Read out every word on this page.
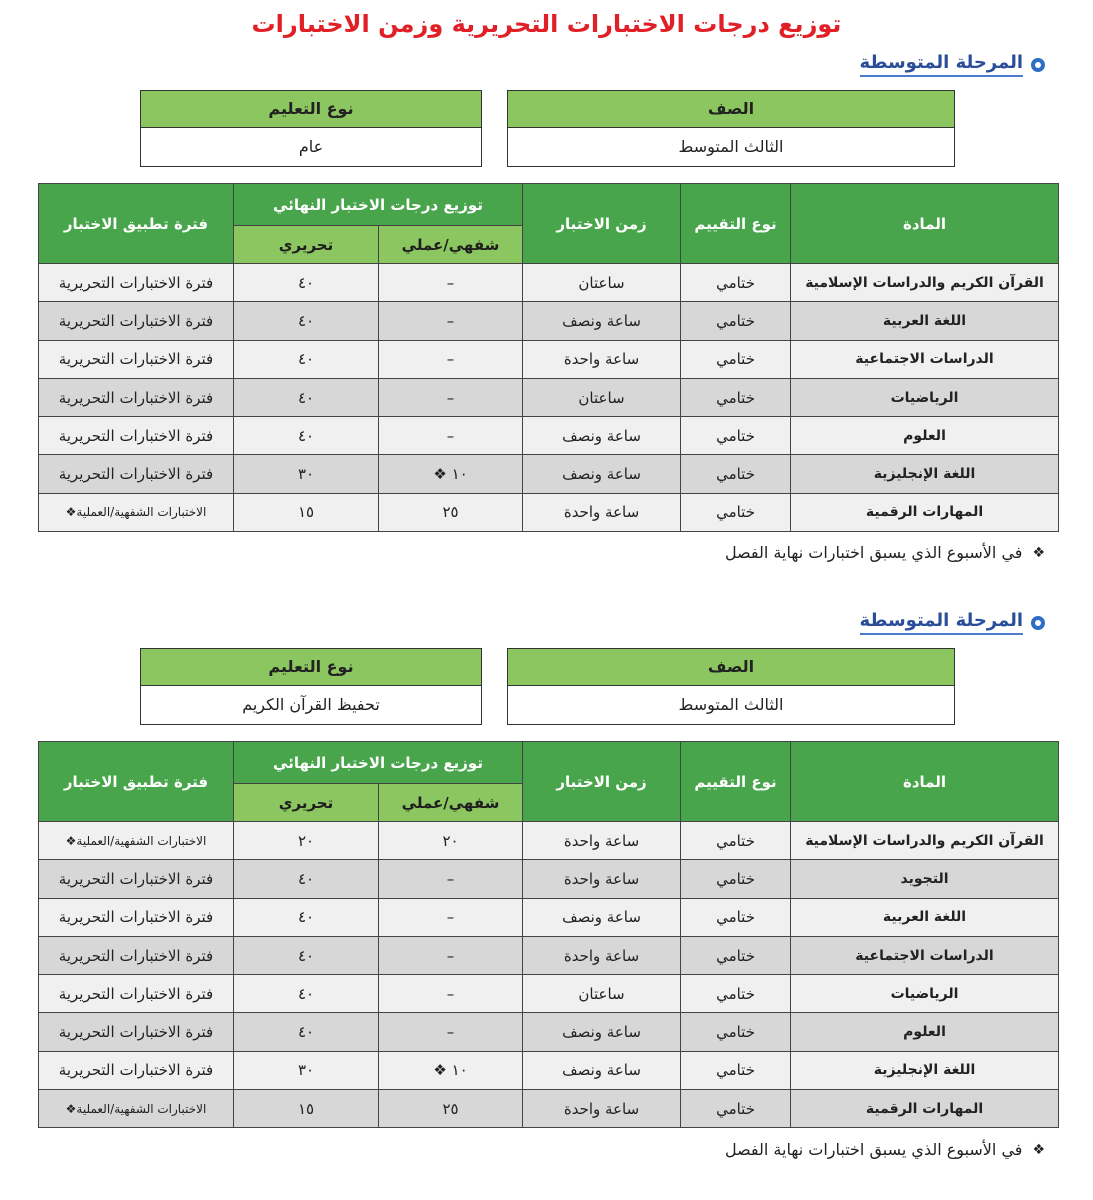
توزيع درجات الاختبارات التحريرية وزمن الاختبارات
المرحلة المتوسطة
الصف
الثالث المتوسط
نوع التعليم
عام
المادة	نوع التقييم	زمن الاختبار	توزيع درجات الاختبار النهائي		فترة تطبيق الاختبار
			شفهي/عملي	تحريري	
القرآن الكريم والدراسات الإسلامية	ختامي	ساعتان	–	٤٠	فترة الاختبارات التحريرية
اللغة العربية	ختامي	ساعة ونصف	–	٤٠	فترة الاختبارات التحريرية
الدراسات الاجتماعية	ختامي	ساعة واحدة	–	٤٠	فترة الاختبارات التحريرية
الرياضيات	ختامي	ساعتان	–	٤٠	فترة الاختبارات التحريرية
العلوم	ختامي	ساعة ونصف	–	٤٠	فترة الاختبارات التحريرية
اللغة الإنجليزية	ختامي	ساعة ونصف	١٠ ❖	٣٠	فترة الاختبارات التحريرية
المهارات الرقمية	ختامي	ساعة واحدة	٢٥	١٥	الاختبارات الشفهية/العملية❖
❖
في الأسبوع الذي يسبق اختبارات نهاية الفصل
المرحلة المتوسطة
الصف
الثالث المتوسط
نوع التعليم
تحفيظ القرآن الكريم
المادة	نوع التقييم	زمن الاختبار	توزيع درجات الاختبار النهائي		فترة تطبيق الاختبار
			شفهي/عملي	تحريري	
القرآن الكريم والدراسات الإسلامية	ختامي	ساعة واحدة	٢٠	٢٠	الاختبارات الشفهية/العملية❖
التجويد	ختامي	ساعة واحدة	–	٤٠	فترة الاختبارات التحريرية
اللغة العربية	ختامي	ساعة ونصف	–	٤٠	فترة الاختبارات التحريرية
الدراسات الاجتماعية	ختامي	ساعة واحدة	–	٤٠	فترة الاختبارات التحريرية
الرياضيات	ختامي	ساعتان	–	٤٠	فترة الاختبارات التحريرية
العلوم	ختامي	ساعة ونصف	–	٤٠	فترة الاختبارات التحريرية
اللغة الإنجليزية	ختامي	ساعة ونصف	١٠ ❖	٣٠	فترة الاختبارات التحريرية
المهارات الرقمية	ختامي	ساعة واحدة	٢٥	١٥	الاختبارات الشفهية/العملية❖
❖
في الأسبوع الذي يسبق اختبارات نهاية الفصل
